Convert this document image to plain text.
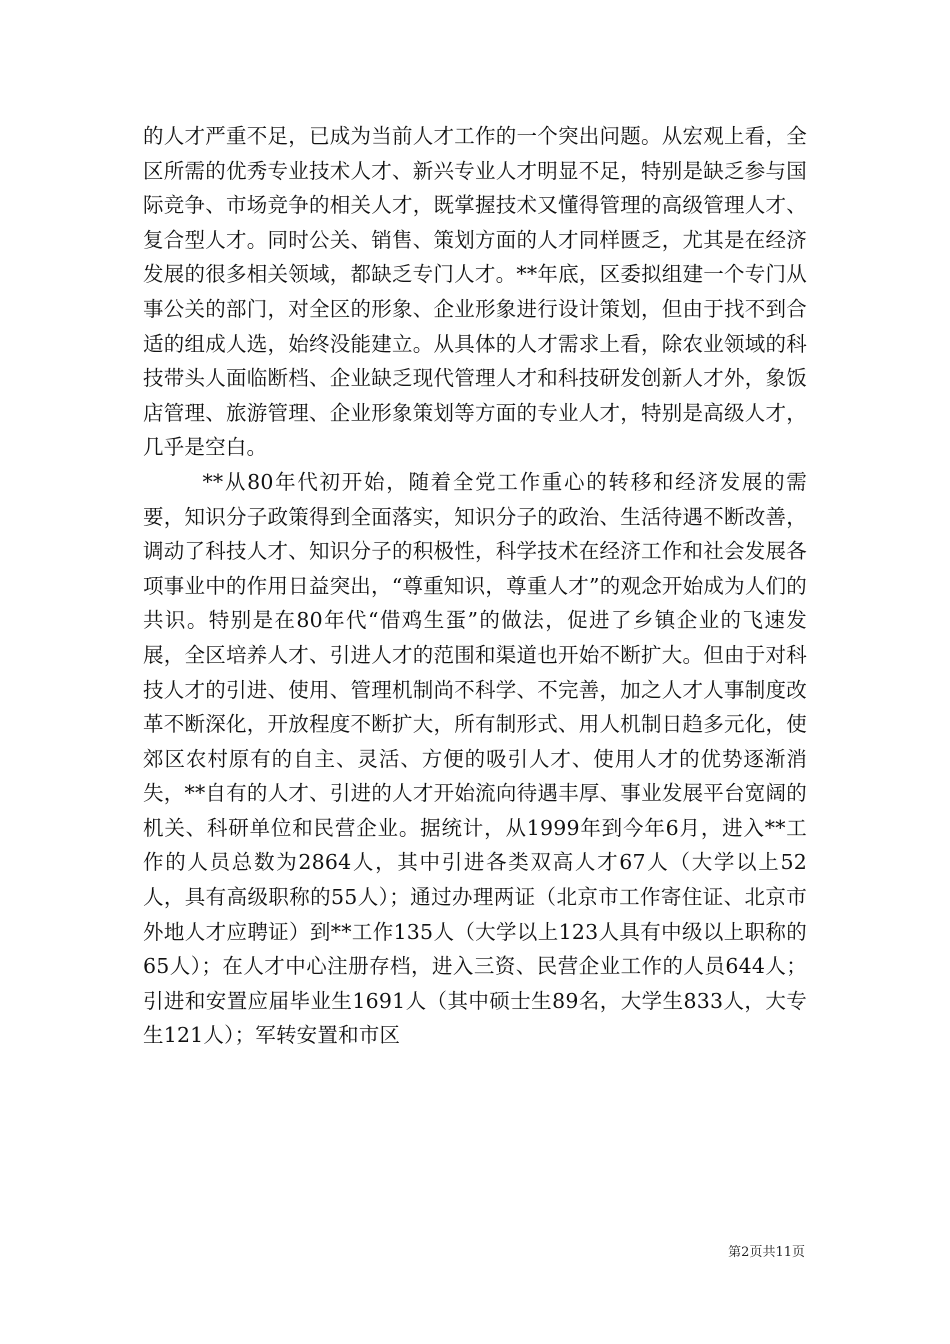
的人才严重不足，已成为当前人才工作的一个突出问题。从宏观上看，全区所需的优秀专业技术人才、新兴专业人才明显不足，特别是缺乏参与国际竞争、市场竞争的相关人才，既掌握技术又懂得管理的高级管理人才、复合型人才。同时公关、销售、策划方面的人才同样匮乏，尤其是在经济发展的很多相关领域，都缺乏专门人才。**年底，区委拟组建一个专门从事公关的部门，对全区的形象、企业形象进行设计策划，但由于找不到合适的组成人选，始终没能建立。从具体的人才需求上看，除农业领域的科技带头人面临断档、企业缺乏现代管理人才和科技研发创新人才外，象饭店管理、旅游管理、企业形象策划等方面的专业人才，特别是高级人才，几乎是空白。

**从80年代初开始，随着全党工作重心的转移和经济发展的需要，知识分子政策得到全面落实，知识分子的政治、生活待遇不断改善，调动了科技人才、知识分子的积极性，科学技术在经济工作和社会发展各项事业中的作用日益突出，“尊重知识，尊重人才”的观念开始成为人们的共识。特别是在80年代“借鸡生蛋”的做法，促进了乡镇企业的飞速发展，全区培养人才、引进人才的范围和渠道也开始不断扩大。但由于对科技人才的引进、使用、管理机制尚不科学、不完善，加之人才人事制度改革不断深化，开放程度不断扩大，所有制形式、用人机制日趋多元化，使郊区农村原有的自主、灵活、方便的吸引人才、使用人才的优势逐渐消失，**自有的人才、引进的人才开始流向待遇丰厚、事业发展平台宽阔的机关、科研单位和民营企业。据统计，从1999年到今年6月，进入**工作的人员总数为2864人，其中引进各类双高人才67人（大学以上52人，具有高级职称的55人）；通过办理两证（北京市工作寄住证、北京市外地人才应聘证）到**工作135人（大学以上123人具有中级以上职称的65人）；在人才中心注册存档，进入三资、民营企业工作的人员644人；引进和安置应届毕业生1691人（其中硕士生89名，大学生833人，大专生121人）；军转安置和市区

第2页共11页
